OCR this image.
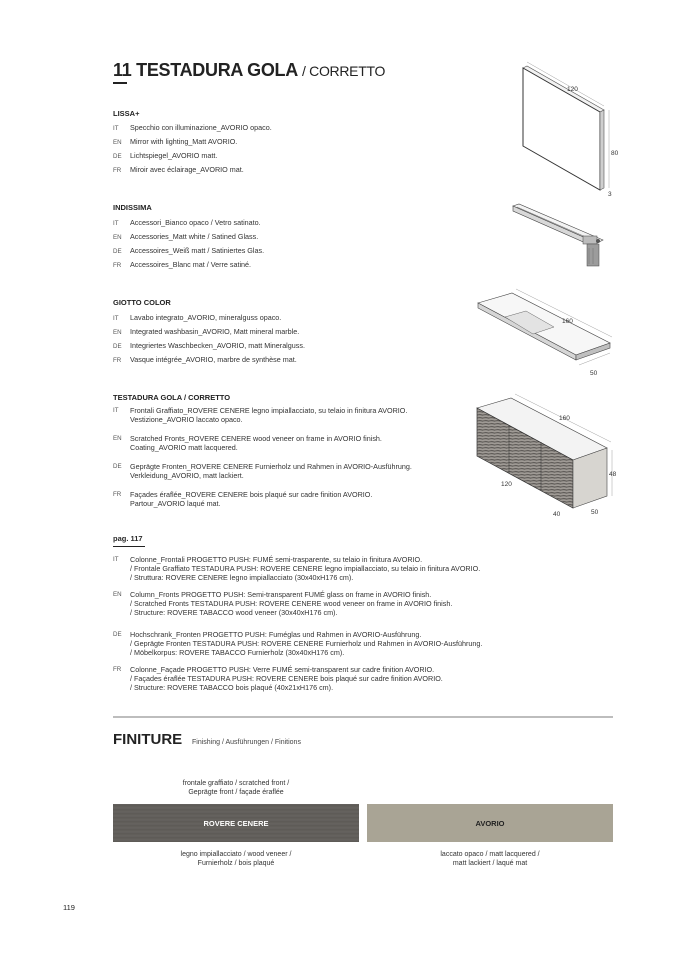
11 TESTADURA GOLA / CORRETTO
LISSA+
IT Specchio con illuminazione_AVORIO opaco.
EN Mirror with lighting_Matt AVORIO.
DE Lichtspiegel_AVORIO matt.
FR Miroir avec éclairage_AVORIO mat.
INDISSIMA
IT Accessori_Bianco opaco / Vetro satinato.
EN Accessories_Matt white / Satined Glass.
DE Accessoires_Weiß matt / Satiniertes Glas.
FR Accessoires_Blanc mat / Verre satiné.
GIOTTO COLOR
IT Lavabo integrato_AVORIO, mineralguss opaco.
EN Integrated washbasin_AVORIO, Matt mineral marble.
DE Integriertes Waschbecken_AVORIO, matt Mineralguss.
FR Vasque intégrée_AVORIO, marbre de synthèse mat.
TESTADURA GOLA / CORRETTO
IT Frontali Graffiato_ROVERE CENERE legno impiallacciato, su telaio in finitura AVORIO.
Vestizione_AVORIO laccato opaco.
EN Scratched Fronts_ROVERE CENERE wood veneer on frame in AVORIO finish.
Coating_AVORIO matt lacquered.
DE Geprägte Fronten_ROVERE CENERE Furnierholz und Rahmen in AVORIO-Ausführung.
Verkleidung_AVORIO, matt lackiert.
FR Façades éraflée_ROVERE CENERE bois plaqué sur cadre finition AVORIO.
Partour_AVORIO laqué mat.
pag. 117
IT Colonne_Frontali PROGETTO PUSH: FUMÉ semi-trasparente, su telaio in finitura AVORIO.
/ Frontale Graffiato TESTADURA PUSH: ROVERE CENERE legno impiallacciato, su telaio in finitura AVORIO.
/ Struttura: ROVERE CENERE legno impiallacciato (30x40xH176 cm).
EN Column_Fronts PROGETTO PUSH: Semi-transparent FUMÉ glass on frame in AVORIO finish.
/ Scratched Fronts TESTADURA PUSH: ROVERE CENERE wood veneer on frame in AVORIO finish.
/ Structure: ROVERE TABACCO wood veneer (30x40xH176 cm).
DE Hochschrank_Fronten PROGETTO PUSH: Fuméglas und Rahmen in AVORIO-Ausführung.
/ Geprägte Fronten TESTADURA PUSH: ROVERE CENERE Furnierholz und Rahmen in AVORIO-Ausführung.
/ Möbelkorpus: ROVERE TABACCO Furnierholz (30x40xH176 cm).
FR Colonne_Façade PROGETTO PUSH: Verre FUMÉ semi-transparent sur cadre finition AVORIO.
/ Façades éraflée TESTADURA PUSH: ROVERE CENERE bois plaqué sur cadre finition AVORIO.
/ Structure: ROVERE TABACCO bois plaqué (40x21xH176 cm).
120
80
3
160
50
160
120
48
50
40
FINITURE Finishing / Ausführungen / Finitions
frontale graffiato / scratched front /
Geprägte front / façade éraflée
ROVERE CENERE	AVORIO
legno impiallacciato / wood veneer /
Furnierholz / bois plaqué
laccato opaco / matt lacquered /
matt lackiert / laqué mat
119
